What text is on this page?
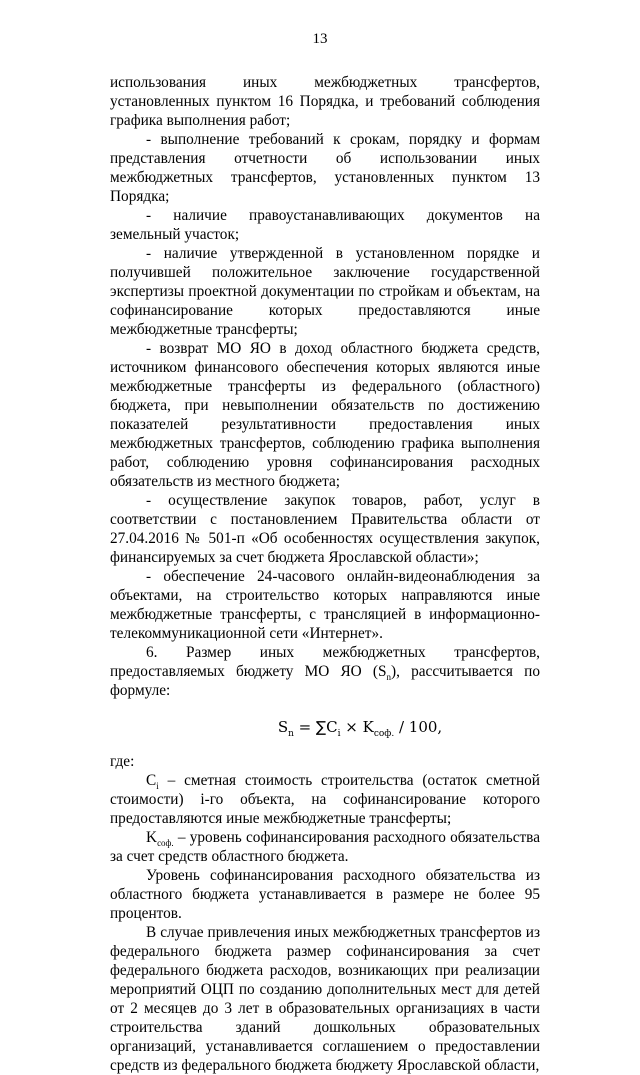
13

использования иных межбюджетных трансфертов, установленных пунктом 16 Порядка, и требований соблюдения графика выполнения работ;

- выполнение требований к срокам, порядку и формам представления отчетности об использовании иных межбюджетных трансфертов, установленных пунктом 13 Порядка;

- наличие правоустанавливающих документов на земельный участок;

- наличие утвержденной в установленном порядке и получившей положительное заключение государственной экспертизы проектной документации по стройкам и объектам, на софинансирование которых предоставляются иные межбюджетные трансферты;

- возврат МО ЯО в доход областного бюджета средств, источником финансового обеспечения которых являются иные межбюджетные трансферты из федерального (областного) бюджета, при невыполнении обязательств по достижению показателей результативности предоставления иных межбюджетных трансфертов, соблюдению графика выполнения работ, соблюдению уровня софинансирования расходных обязательств из местного бюджета;

- осуществление закупок товаров, работ, услуг в соответствии с постановлением Правительства области от 27.04.2016 № 501-п «Об особенностях осуществления закупок, финансируемых за счет бюджета Ярославской области»;

- обеспечение 24-часового онлайн-видеонаблюдения за объектами, на строительство которых направляются иные межбюджетные трансферты, с трансляцией в информационно-телекоммуникационной сети «Интернет».

6. Размер иных межбюджетных трансфертов, предоставляемых бюджету МО ЯО $(S_n)$, рассчитывается по формуле:

$S_n = \sum C_i \times K_{соф.} / 100$,

где:

$C_i$ – сметная стоимость строительства (остаток сметной стоимости) i-го объекта, на софинансирование которого предоставляются иные межбюджетные трансферты;

$K_{соф.}$ – уровень софинансирования расходного обязательства за счет средств областного бюджета.

Уровень софинансирования расходного обязательства из областного бюджета устанавливается в размере не более 95 процентов.

В случае привлечения иных межбюджетных трансфертов из федерального бюджета размер софинансирования за счет федерального бюджета расходов, возникающих при реализации мероприятий ОЦП по созданию дополнительных мест для детей от 2 месяцев до 3 лет в образовательных организациях в части строительства зданий дошкольных образовательных организаций, устанавливается соглашением о предоставлении средств из федерального бюджета бюджету Ярославской области,
